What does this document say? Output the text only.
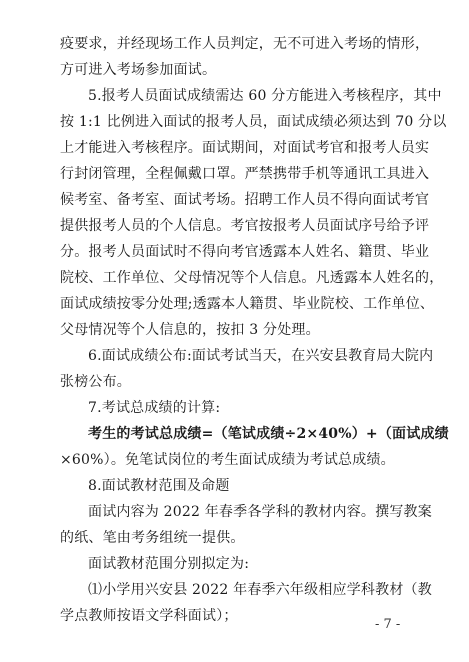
疫要求，并经现场工作人员判定，无不可进入考场的情形，
方可进入考场参加面试。

5.报考人员面试成绩需达 60 分方能进入考核程序，其中
按 1:1 比例进入面试的报考人员，面试成绩必须达到 70 分以
上才能进入考核程序。面试期间，对面试考官和报考人员实
行封闭管理，全程佩戴口罩。严禁携带手机等通讯工具进入
候考室、备考室、面试考场。招聘工作人员不得向面试考官
提供报考人员的个人信息。考官按报考人员面试序号给予评
分。报考人员面试时不得向考官透露本人姓名、籍贯、毕业
院校、工作单位、父母情况等个人信息。凡透露本人姓名的，
面试成绩按零分处理;透露本人籍贯、毕业院校、工作单位、
父母情况等个人信息的，按扣 3 分处理。

6.面试成绩公布:面试考试当天，在兴安县教育局大院内
张榜公布。

7.考试总成绩的计算:

考生的考试总成绩=（笔试成绩÷2×40%）+（面试成绩
×60%）。免笔试岗位的考生面试成绩为考试总成绩。

8.面试教材范围及命题

面试内容为 2022 年春季各学科的教材内容。撰写教案
的纸、笔由考务组统一提供。

面试教材范围分别拟定为:

⑴小学用兴安县 2022 年春季六年级相应学科教材（教
学点教师按语文学科面试）；

- 7 -
